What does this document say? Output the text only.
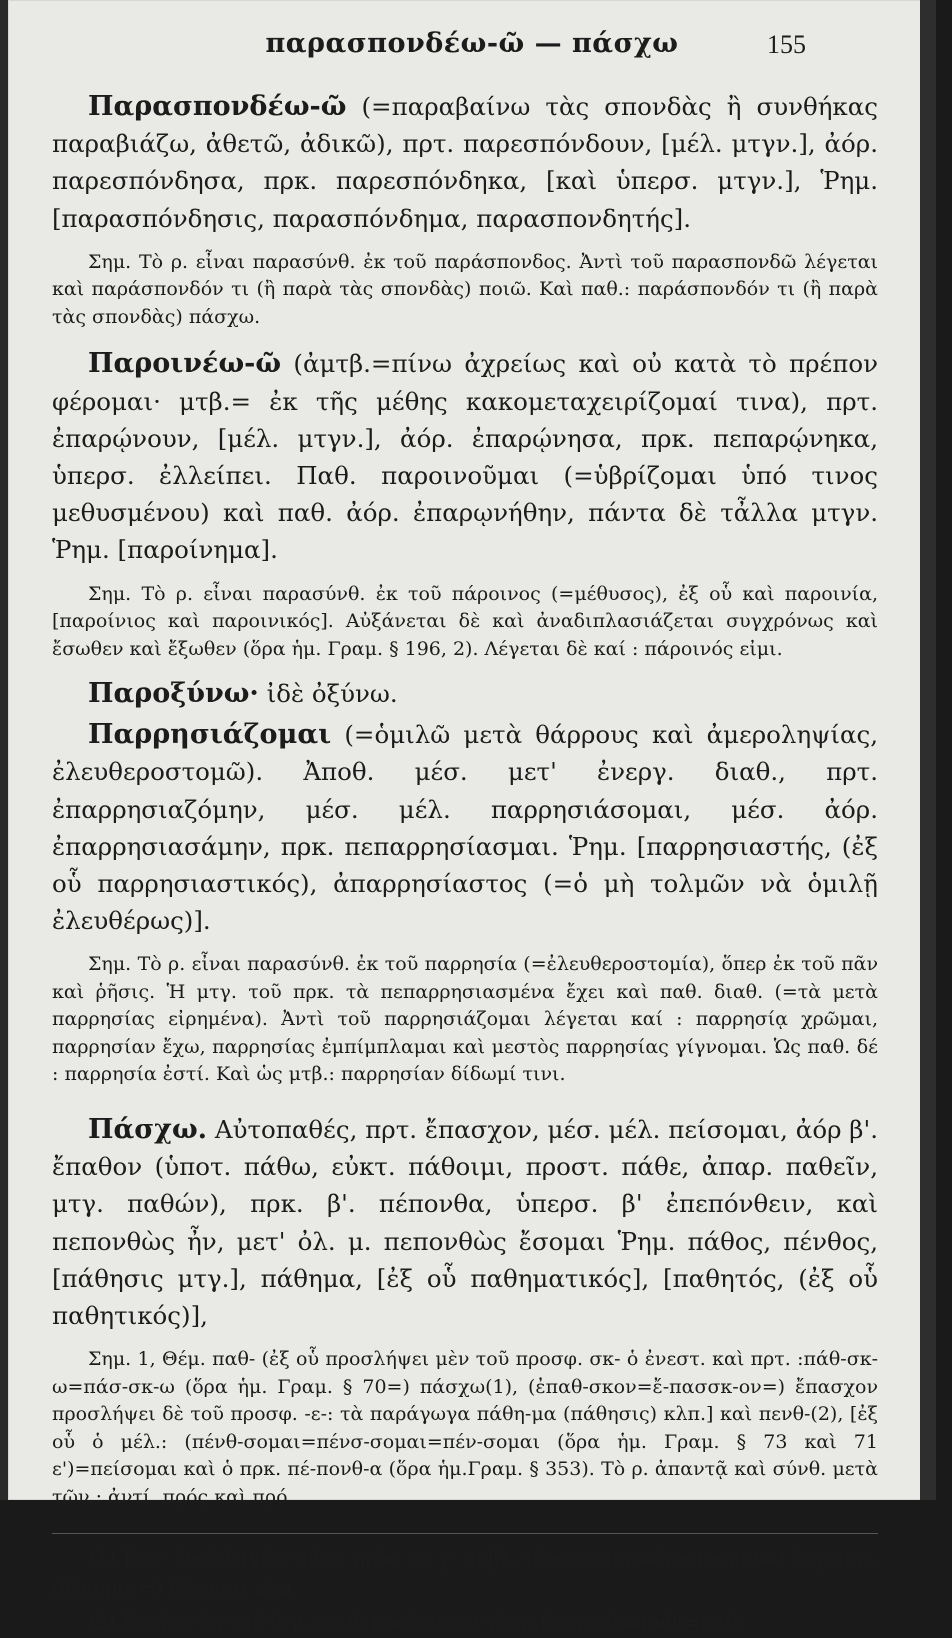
παρασπονδέω-ῶ — πάσχω	155

Παρασπονδέω-ῶ (=παραβαίνω τὰς σπονδὰς ἢ συνθήκας παραβιάζω, ἀθετῶ, ἀδικῶ), πρτ. παρεσπόνδουν, [μέλ. μτγν.], ἀόρ. παρεσπόνδησα, πρκ. παρεσπόνδηκα, [καὶ ὑπερσ. μτγν.], Ῥημ. [παρασπόνδησις, παρασπόνδημα, παρασπονδητής].

Σημ. Τὸ ρ. εἶναι παρασύνθ. ἐκ τοῦ παράσπονδος. Ἀντὶ τοῦ παρασπονδῶ λέγεται καὶ παράσπονδόν τι (ἢ παρὰ τὰς σπονδὰς) ποιῶ. Καὶ παθ.: παράσπονδόν τι (ἢ παρὰ τὰς σπονδὰς) πάσχω.

Παροινέω-ῶ (ἀμτβ.=πίνω ἀχρείως καὶ οὐ κατὰ τὸ πρέπον φέρομαι· μτβ.= ἐκ τῆς μέθης κακομεταχειρίζομαί τινα), πρτ. ἐπαρῴνουν, [μέλ. μτγν.], ἀόρ. ἐπαρῴνησα, πρκ. πεπαρῴνηκα, ὑπερσ. ἐλλείπει. Παθ. παροινοῦμαι (=ὑβρίζομαι ὑπό τινος μεθυσμένου) καὶ παθ. ἀόρ. ἐπαρῳνήθην, πάντα δὲ τἆλλα μτγν. Ῥημ. [παροίνημα].

Σημ. Τὸ ρ. εἶναι παρασύνθ. ἐκ τοῦ πάροινος (=μέθυσος), ἐξ οὗ καὶ παροινία, [παροίνιος καὶ παροινικός]. Αὐξάνεται δὲ καὶ ἀναδιπλασιάζεται συγχρόνως καὶ ἔσωθεν καὶ ἔξωθεν (ὅρα ἡμ. Γραμ. § 196, 2). Λέγεται δὲ καί : πάροινός εἰμι.

Παροξύνω· ἰδὲ ὀξύνω.

Παρρησιάζομαι (=ὁμιλῶ μετὰ θάρρους καὶ ἀμεροληψίας, ἐλευθεροστομῶ). Ἀποθ. μέσ. μετ' ἐνεργ. διαθ., πρτ. ἐπαρρησιαζόμην, μέσ. μέλ. παρρησιάσομαι, μέσ. ἀόρ. ἐπαρρησιασάμην, πρκ. πεπαρρησίασμαι. Ῥημ. [παρρησιαστής, (ἐξ οὗ παρρησιαστικός), ἀπαρρησίαστος (=ὁ μὴ τολμῶν νὰ ὁμιλῇ ἐλευθέρως)].

Σημ. Τὸ ρ. εἶναι παρασύνθ. ἐκ τοῦ παρρησία (=ἐλευθεροστομία), ὅπερ ἐκ τοῦ πᾶν καὶ ῥῆσις. Ἡ μτγ. τοῦ πρκ. τὰ πεπαρρησιασμένα ἔχει καὶ παθ. διαθ. (=τὰ μετὰ παρρησίας εἰρημένα). Ἀντὶ τοῦ παρρησιάζομαι λέγεται καί : παρρησίᾳ χρῶμαι, παρρησίαν ἔχω, παρρησίας ἐμπίμπλαμαι καὶ μεστὸς παρρησίας γίγνομαι. Ὡς παθ. δέ : παρρησία ἐστί. Καὶ ὡς μτβ.: παρρησίαν δίδωμί τινι.

Πάσχω. Αὐτοπαθές, πρτ. ἔπασχον, μέσ. μέλ. πείσομαι, ἀόρ β'. ἔπαθον (ὑποτ. πάθω, εὐκτ. πάθοιμι, προστ. πάθε, ἀπαρ. παθεῖν, μτγ. παθών), πρκ. β'. πέπονθα, ὑπερσ. β' ἐπεπόνθειν, καὶ πεπονθὼς ἦν, μετ' ὀλ. μ. πεπονθὼς ἔσομαι Ῥημ. πάθος, πένθος, [πάθησις μτγ.], πάθημα, [ἐξ οὗ παθηματικός], [παθητός, (ἐξ οὗ παθητικός)],

Σημ. 1, Θέμ. παθ- (ἐξ οὗ προσλήψει μὲν τοῦ προσφ. σκ- ὁ ἐνεστ. καὶ πρτ. :πάθ-σκ-ω=πάσ-σκ-ω (ὅρα ἡμ. Γραμ. § 70=) πάσχω(1), (ἐπαθ-σκον=ἔ-πασσκ-ον=) ἔπασχον προσλήψει δὲ τοῦ προσφ. -ε-: τὰ παράγωγα πάθη-μα (πάθησις) κλπ.] καὶ πενθ-(2), [ἐξ οὗ ὁ μέλ.: (πένθ-σομαι=πένσ-σομαι=πέν-σομαι (ὅρα ἡμ. Γραμ. § 73 καὶ 71 ε')=πείσομαι καὶ ὁ πρκ. πέ-πονθ-α (ὅρα ἡμ.Γραμ. § 353). Τὸ ρ. ἀπαντᾷ καὶ σύνθ. μετὰ τῶν : ἀντί, πρός καὶ πρό.

(1) Κατ' ἐναλλαγὴν τοῦ κ πρὸς τὸ χ· πρβλ. (ἔρ-σκ-ομαι=ἔρ-σκ-ομαι=) ἔρχομαι, (δέκομαι=) δέχομαι κλπ.

(2) Κυρίως ἐκ τοῦ θέμ. πειθ- προέκυψεν τὸ παθ-: πενθ-=πνθ-=παθ-
